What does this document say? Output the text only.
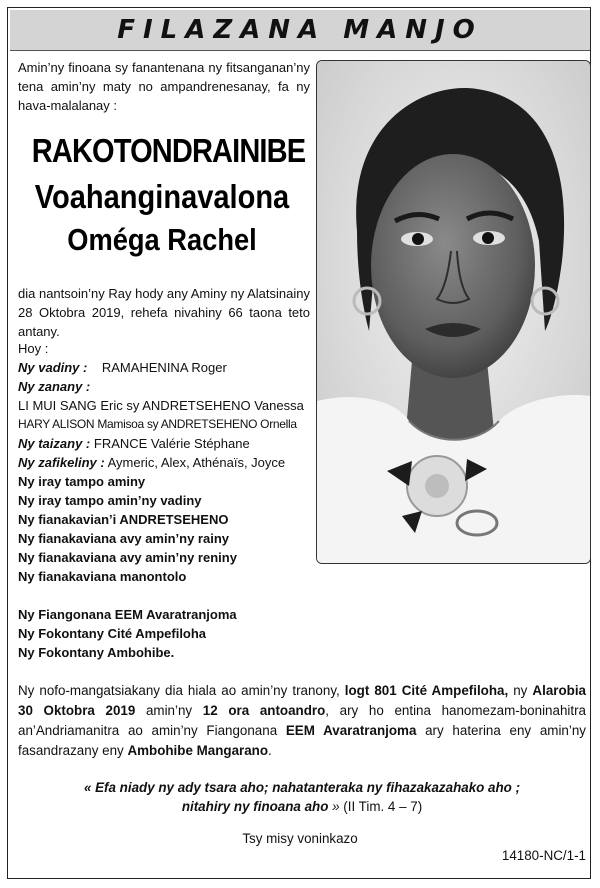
FILAZANA MANJO
Amin’ny finoana sy fanantenana ny fitsanganan’ny tena amin’ny maty no ampandrenesanay, fa ny hava-malalanay :
RAKOTONDRAINIBE
Voahanginavalona
Oméga Rachel
dia nantsoin’ny Ray hody any Aminy ny Alatsinainy 28 Oktobra 2019, rehefa nivahiny 66 taona teto antany.
Hoy :
Ny vadiny : RAMAHENINA Roger
Ny zanany :
LI MUI SANG Eric sy ANDRETSEHENO Vanessa
HARY ALISON Mamisoa sy ANDRETSEHENO Ornella
Ny taizany : FRANCE Valérie Stéphane
Ny zafikeliny : Aymeric, Alex, Athénaïs, Joyce
Ny iray tampo aminy
Ny iray tampo amin’ny vadiny
Ny fianakavian’i ANDRETSEHENO
Ny fianakaviana avy amin’ny rainy
Ny fianakaviana avy amin’ny reniny
Ny fianakaviana manontolo
Ny Fiangonana EEM Avaratranjoma
Ny Fokontany Cité Ampefiloha
Ny Fokontany Ambohibe.
Ny nofo-mangatsiakany dia hiala ao amin’ny tranony, logt 801 Cité Ampefiloha, ny Alarobia 30 Oktobra 2019 amin’ny 12 ora antoandro, ary ho entina hanomezam-boninahitra an’Andriamanitra ao amin’ny Fiangonana EEM Avaratranjoma ary haterina eny amin’ny fasandrazany eny Ambohibe Mangarano.
« Efa niady ny ady tsara aho; nahatanteraka ny fihazakazahako aho ;
nitahiry ny finoana aho » (II Tim. 4 – 7)
Tsy misy voninkazo
14180-NC/1-1
